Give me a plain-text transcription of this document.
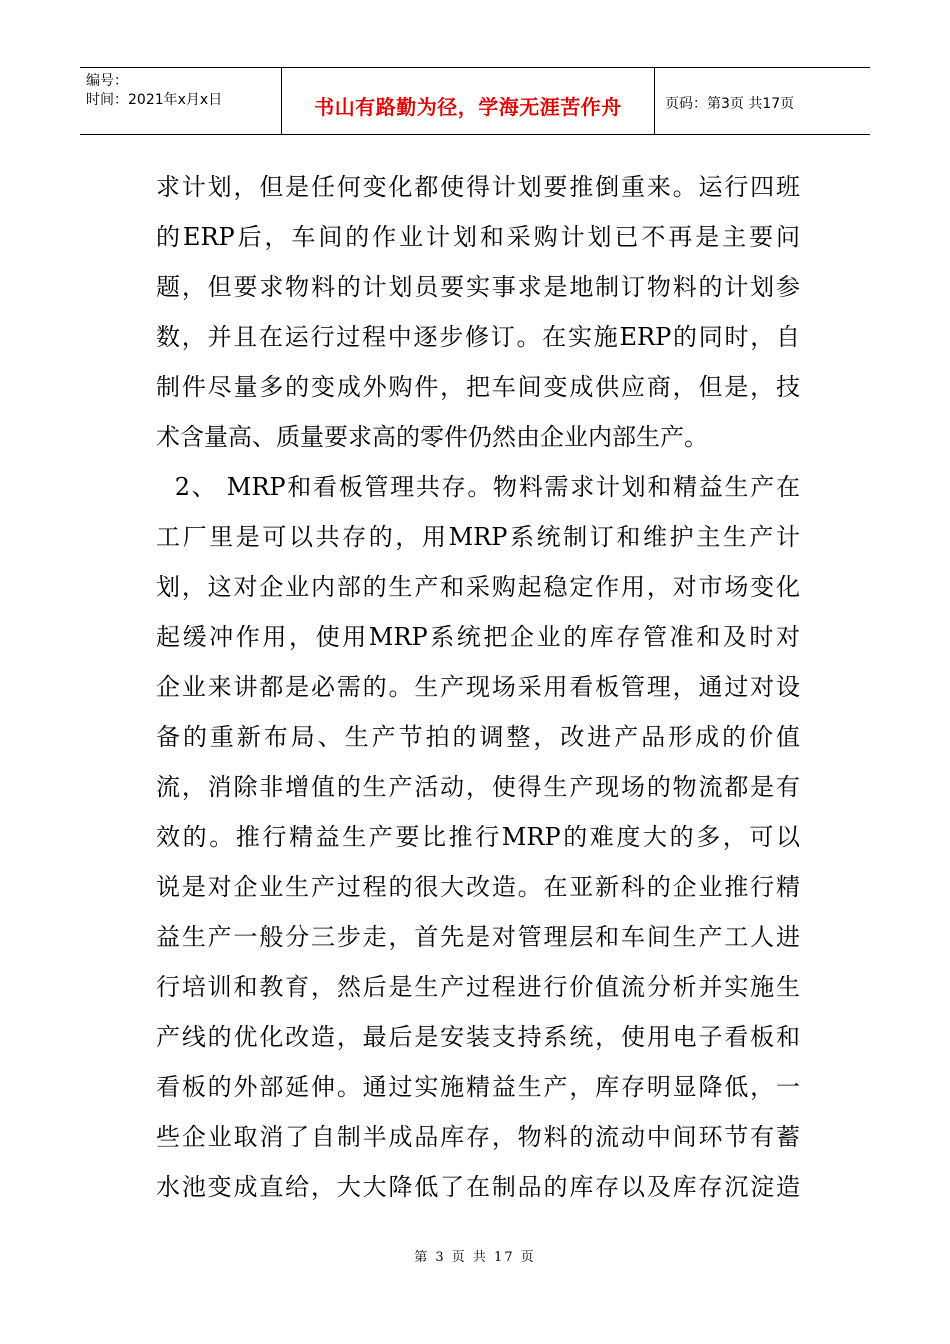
编号：
时间：2021年x月x日	书山有路勤为径，学海无涯苦作舟	页码：第3页 共17页
求计划，但是任何变化都使得计划要推倒重来。运行四班
的ERP后，车间的作业计划和采购计划已不再是主要问
题，但要求物料的计划员要实事求是地制订物料的计划参
数，并且在运行过程中逐步修订。在实施ERP的同时，自
制件尽量多的变成外购件，把车间变成供应商，但是，技
术含量高、质量要求高的零件仍然由企业内部生产。
2、 MRP和看板管理共存。物料需求计划和精益生产在
工厂里是可以共存的，用MRP系统制订和维护主生产计
划，这对企业内部的生产和采购起稳定作用，对市场变化
起缓冲作用，使用MRP系统把企业的库存管准和及时对
企业来讲都是必需的。生产现场采用看板管理，通过对设
备的重新布局、生产节拍的调整，改进产品形成的价值
流，消除非增值的生产活动，使得生产现场的物流都是有
效的。推行精益生产要比推行MRP的难度大的多，可以
说是对企业生产过程的很大改造。在亚新科的企业推行精
益生产一般分三步走，首先是对管理层和车间生产工人进
行培训和教育，然后是生产过程进行价值流分析并实施生
产线的优化改造，最后是安装支持系统，使用电子看板和
看板的外部延伸。通过实施精益生产，库存明显降低，一
些企业取消了自制半成品库存，物料的流动中间环节有蓄
水池变成直给，大大降低了在制品的库存以及库存沉淀造
第 3 页 共 17 页
